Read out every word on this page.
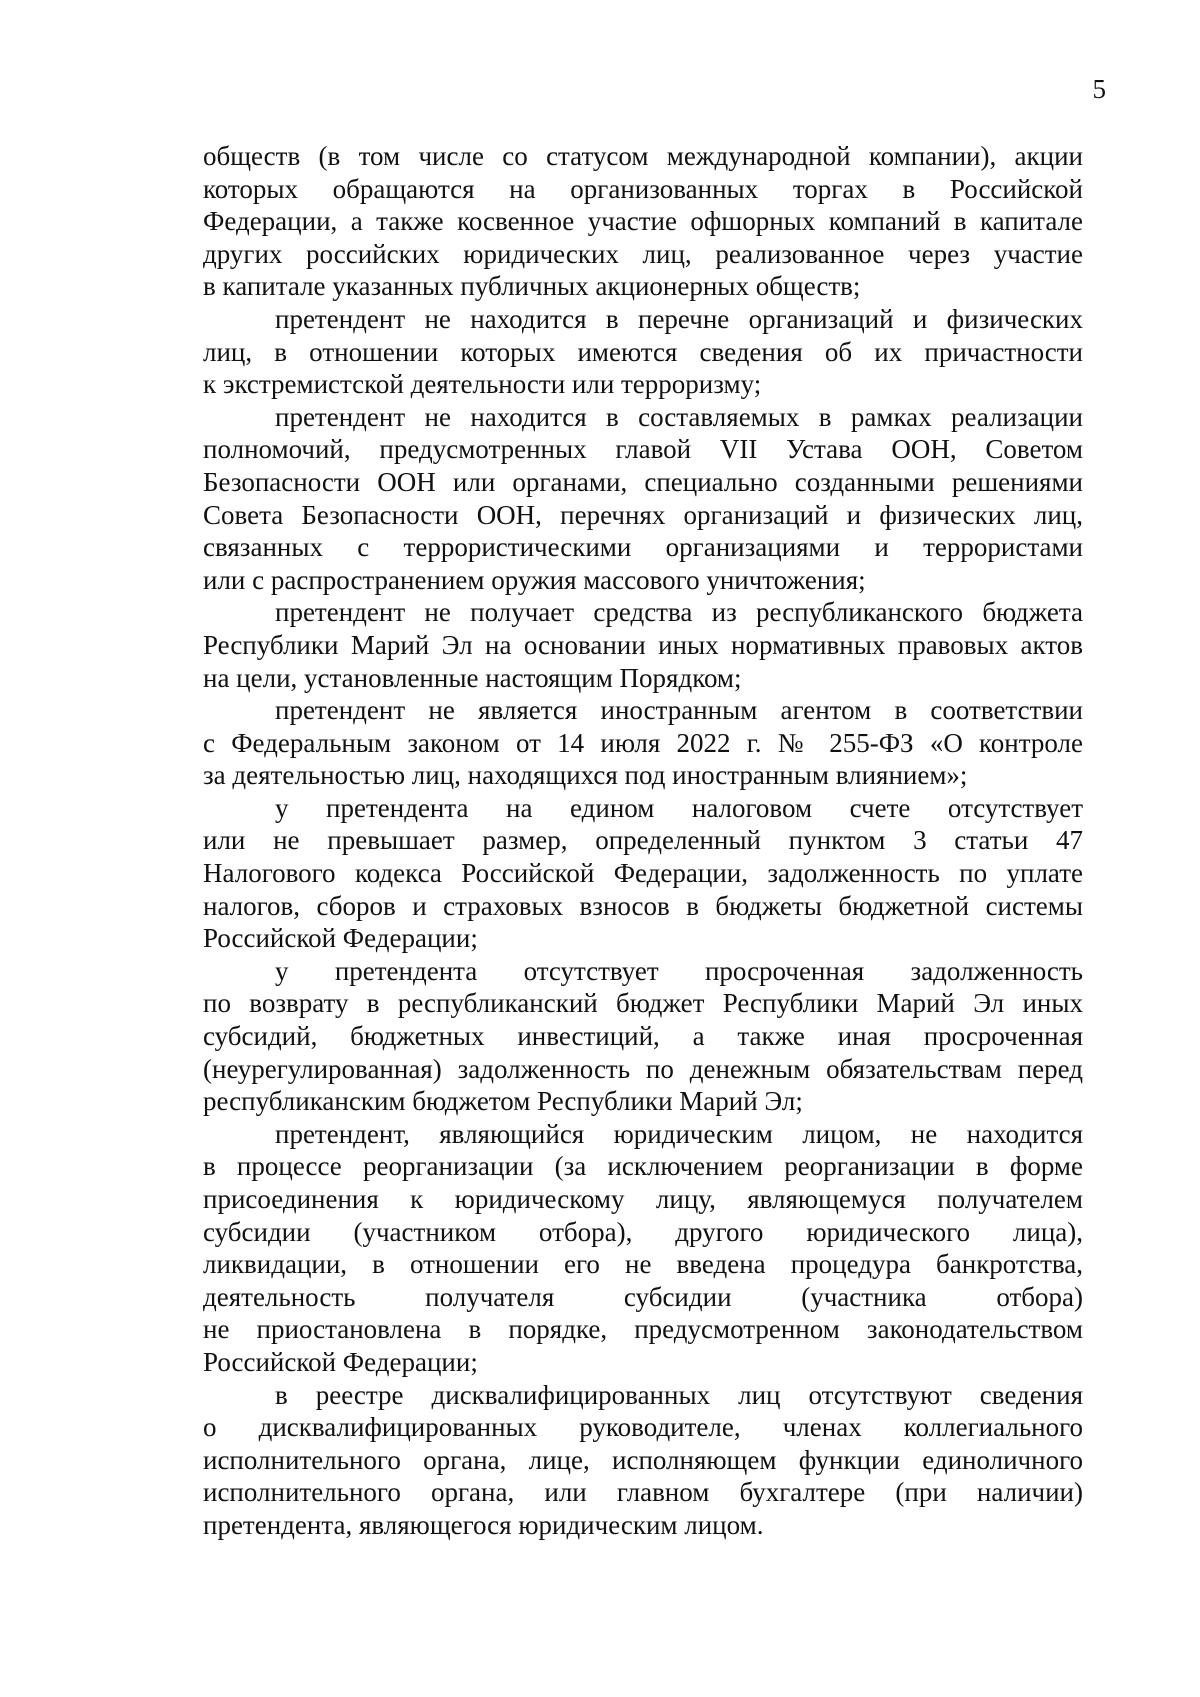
5

обществ (в том числе со статусом международной компании), акции
которых обращаются на организованных торгах в Российской
Федерации, а также косвенное участие офшорных компаний в капитале
других российских юридических лиц, реализованное через участие
в капитале указанных публичных акционерных обществ;

претендент не находится в перечне организаций и физических
лиц, в отношении которых имеются сведения об их причастности
к экстремистской деятельности или терроризму;

претендент не находится в составляемых в рамках реализации
полномочий, предусмотренных главой VII Устава ООН, Советом
Безопасности ООН или органами, специально созданными решениями
Совета Безопасности ООН, перечнях организаций и физических лиц,
связанных с террористическими организациями и террористами
или с распространением оружия массового уничтожения;

претендент не получает средства из республиканского бюджета
Республики Марий Эл на основании иных нормативных правовых актов
на цели, установленные настоящим Порядком;

претендент не является иностранным агентом в соответствии
с Федеральным законом от 14 июля 2022 г. № 255-ФЗ «О контроле
за деятельностью лиц, находящихся под иностранным влиянием»;

у претендента на едином налоговом счете отсутствует
или не превышает размер, определенный пунктом 3 статьи 47
Налогового кодекса Российской Федерации, задолженность по уплате
налогов, сборов и страховых взносов в бюджеты бюджетной системы
Российской Федерации;

у претендента отсутствует просроченная задолженность
по возврату в республиканский бюджет Республики Марий Эл иных
субсидий, бюджетных инвестиций, а также иная просроченная
(неурегулированная) задолженность по денежным обязательствам перед
республиканским бюджетом Республики Марий Эл;

претендент, являющийся юридическим лицом, не находится
в процессе реорганизации (за исключением реорганизации в форме
присоединения к юридическому лицу, являющемуся получателем
субсидии (участником отбора), другого юридического лица),
ликвидации, в отношении его не введена процедура банкротства,
деятельность получателя субсидии (участника отбора)
не приостановлена в порядке, предусмотренном законодательством
Российской Федерации;

в реестре дисквалифицированных лиц отсутствуют сведения
о дисквалифицированных руководителе, членах коллегиального
исполнительного органа, лице, исполняющем функции единоличного
исполнительного органа, или главном бухгалтере (при наличии)
претендента, являющегося юридическим лицом.
